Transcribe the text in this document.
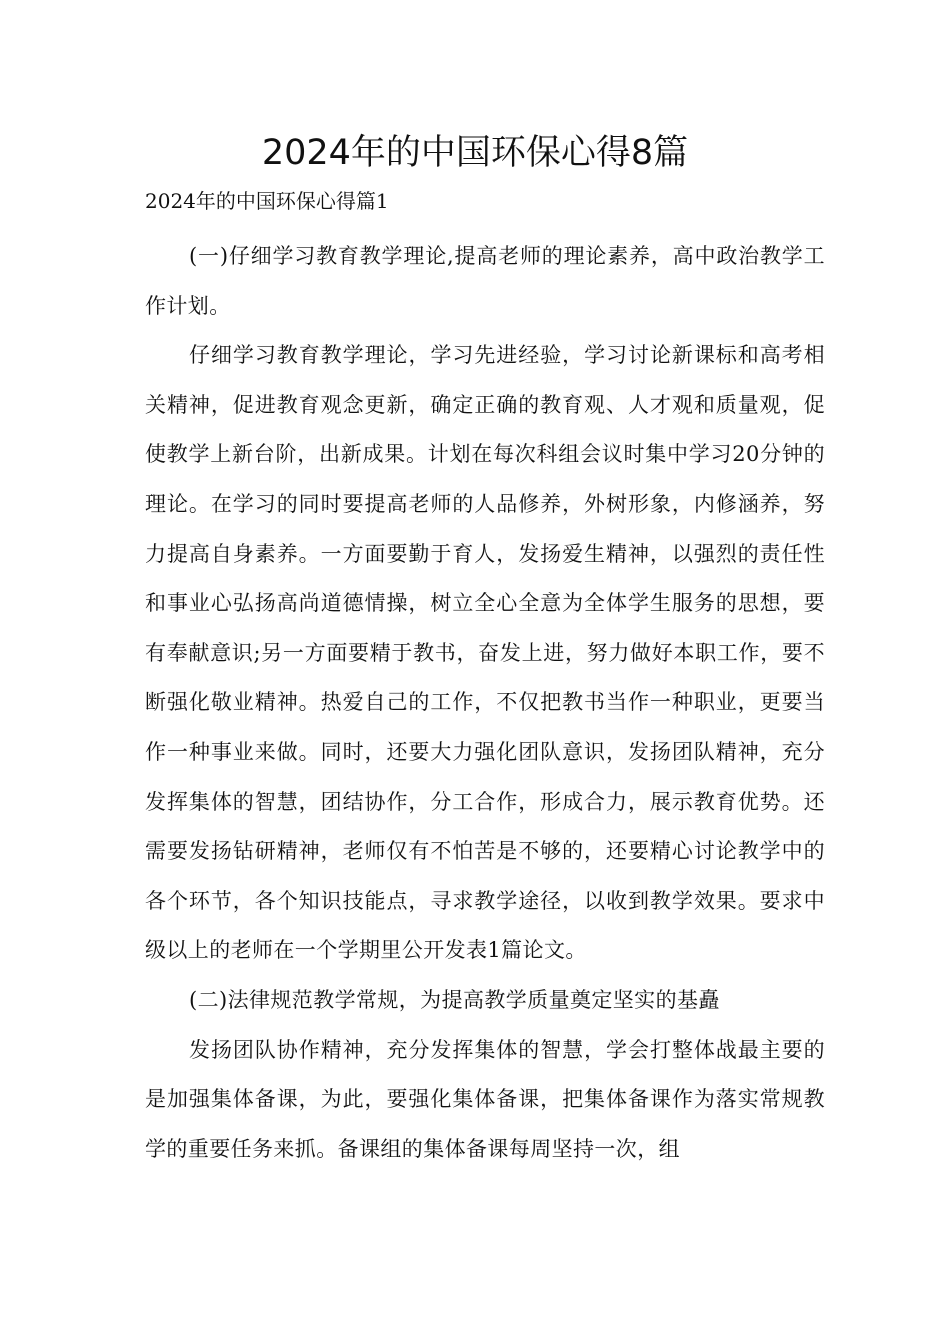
2024年的中国环保心得8篇

2024年的中国环保心得篇1

(一)仔细学习教育教学理论,提高老师的理论素养，高中政治教学工作计划。

仔细学习教育教学理论，学习先进经验，学习讨论新课标和高考相关精神，促进教育观念更新，确定正确的教育观、人才观和质量观，促使教学上新台阶，出新成果。计划在每次科组会议时集中学习20分钟的理论。在学习的同时要提高老师的人品修养，外树形象，内修涵养，努力提高自身素养。一方面要勤于育人，发扬爱生精神，以强烈的责任性和事业心弘扬高尚道德情操，树立全心全意为全体学生服务的思想，要有奉献意识;另一方面要精于教书，奋发上进，努力做好本职工作，要不断强化敬业精神。热爱自己的工作，不仅把教书当作一种职业，更要当作一种事业来做。同时，还要大力强化团队意识，发扬团队精神，充分发挥集体的智慧，团结协作，分工合作，形成合力，展示教育优势。还需要发扬钻研精神，老师仅有不怕苦是不够的，还要精心讨论教学中的各个环节，各个知识技能点，寻求教学途径，以收到教学效果。要求中级以上的老师在一个学期里公开发表1篇论文。

(二)法律规范教学常规，为提高教学质量奠定坚实的基矗

发扬团队协作精神，充分发挥集体的智慧，学会打整体战最主要的是加强集体备课，为此，要强化集体备课，把集体备课作为落实常规教学的重要任务来抓。备课组的集体备课每周坚持一次，组
